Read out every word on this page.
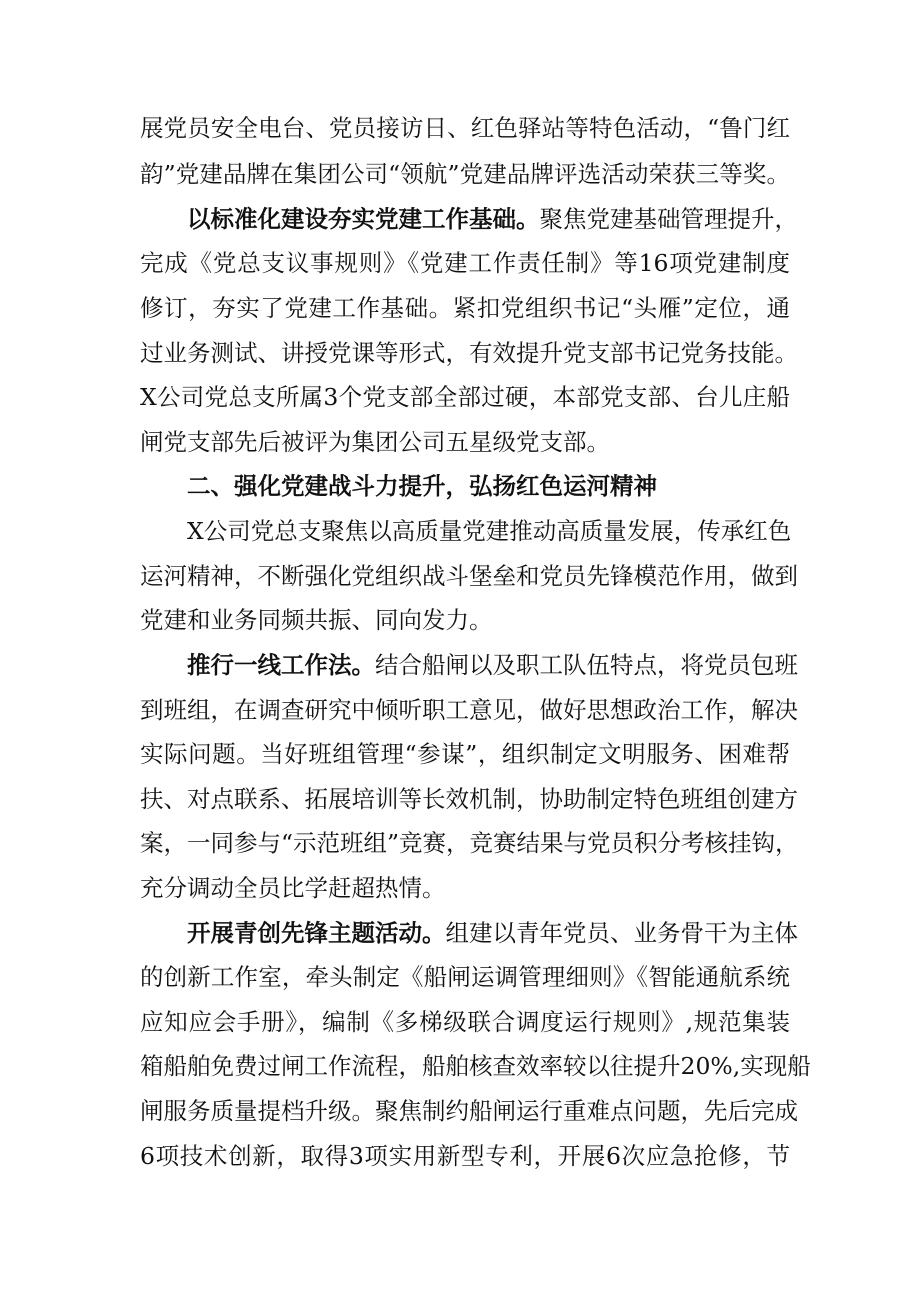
展党员安全电台、党员接访日、红色驿站等特色活动，“鲁门红
韵”党建品牌在集团公司“领航”党建品牌评选活动荣获三等奖。
以标准化建设夯实党建工作基础。聚焦党建基础管理提升，
完成《党总支议事规则》《党建工作责任制》等16项党建制度
修订，夯实了党建工作基础。紧扣党组织书记“头雁”定位，通
过业务测试、讲授党课等形式，有效提升党支部书记党务技能。
X公司党总支所属3个党支部全部过硬，本部党支部、台儿庄船
闸党支部先后被评为集团公司五星级党支部。
二、强化党建战斗力提升，弘扬红色运河精神
X公司党总支聚焦以高质量党建推动高质量发展，传承红色
运河精神，不断强化党组织战斗堡垒和党员先锋模范作用，做到
党建和业务同频共振、同向发力。
推行一线工作法。结合船闸以及职工队伍特点，将党员包班
到班组，在调查研究中倾听职工意见，做好思想政治工作，解决
实际问题。当好班组管理“参谋”，组织制定文明服务、困难帮
扶、对点联系、拓展培训等长效机制，协助制定特色班组创建方
案，一同参与“示范班组”竞赛，竞赛结果与党员积分考核挂钩，
充分调动全员比学赶超热情。
开展青创先锋主题活动。组建以青年党员、业务骨干为主体
的创新工作室，牵头制定《船闸运调管理细则》《智能通航系统
应知应会手册》，编制《多梯级联合调度运行规则》,规范集装
箱船舶免费过闸工作流程，船舶核查效率较以往提升20%,实现船
闸服务质量提档升级。聚焦制约船闸运行重难点问题，先后完成
6项技术创新，取得3项实用新型专利，开展6次应急抢修，节
